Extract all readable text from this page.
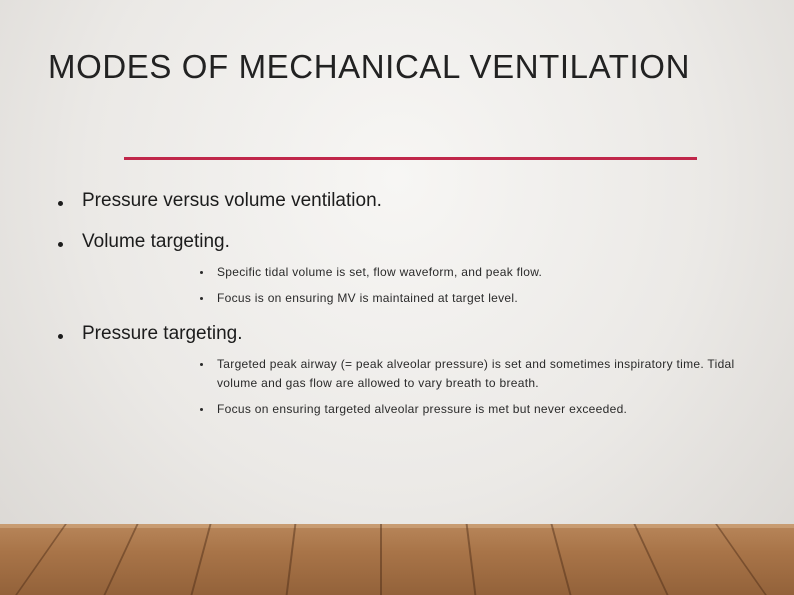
MODES OF MECHANICAL VENTILATION
Pressure versus volume ventilation.
Volume targeting.
Specific tidal volume is set, flow waveform, and peak flow.
Focus is on ensuring MV is maintained at target level.
Pressure targeting.
Targeted peak airway (= peak alveolar pressure) is set and sometimes inspiratory time. Tidal volume and gas flow are allowed to vary breath to breath.
Focus on ensuring targeted alveolar pressure is met but never exceeded.
